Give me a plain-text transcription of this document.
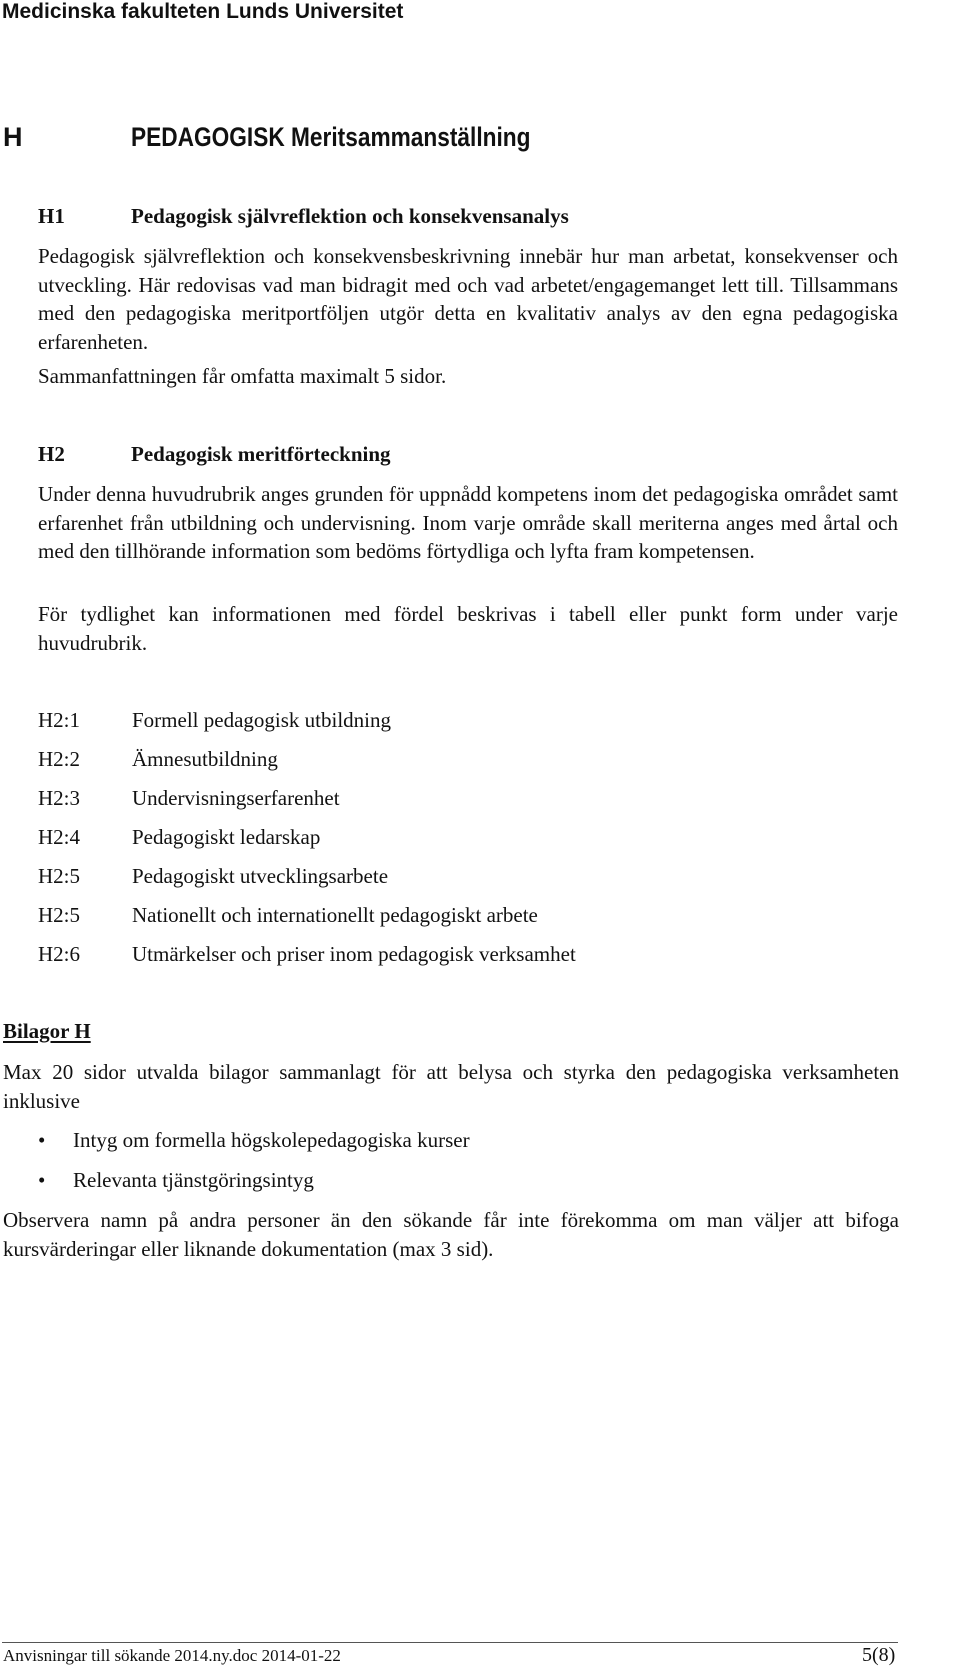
Medicinska fakulteten Lunds Universitet
H	PEDAGOGISK Meritsammanställning
H1	Pedagogisk självreflektion och konsekvensanalys
Pedagogisk självreflektion och konsekvensbeskrivning innebär hur man arbetat, konsekvenser och utveckling. Här redovisas vad man bidragit med och vad arbetet/engagemanget lett till. Tillsammans med den pedagogiska meritportföljen utgör detta en kvalitativ analys av den egna pedagogiska erfarenheten.
Sammanfattningen får omfatta maximalt 5 sidor.
H2	Pedagogisk meritförteckning
Under denna huvudrubrik anges grunden för uppnådd kompetens inom det pedagogiska området samt erfarenhet från utbildning och undervisning. Inom varje område skall meriterna anges med årtal och med den tillhörande information som bedöms förtydliga och lyfta fram kompetensen.
För tydlighet kan informationen med fördel beskrivas i tabell eller punkt form under varje huvudrubrik.
H2:1 Formell pedagogisk utbildning
H2:2 Ämnesutbildning
H2:3 Undervisningserfarenhet
H2:4 Pedagogiskt ledarskap
H2:5 Pedagogiskt utvecklingsarbete
H2:5 Nationellt och internationellt pedagogiskt arbete
H2:6 Utmärkelser och priser inom pedagogisk verksamhet
Bilagor H
Max 20 sidor utvalda bilagor sammanlagt för att belysa och styrka den pedagogiska verksamheten inklusive
• Intyg om formella högskolepedagogiska kurser
• Relevanta tjänstgöringsintyg
Observera namn på andra personer än den sökande får inte förekomma om man väljer att bifoga kursvärderingar eller liknande dokumentation (max 3 sid).
Anvisningar till sökande 2014.ny.doc 2014-01-22	5(8)
